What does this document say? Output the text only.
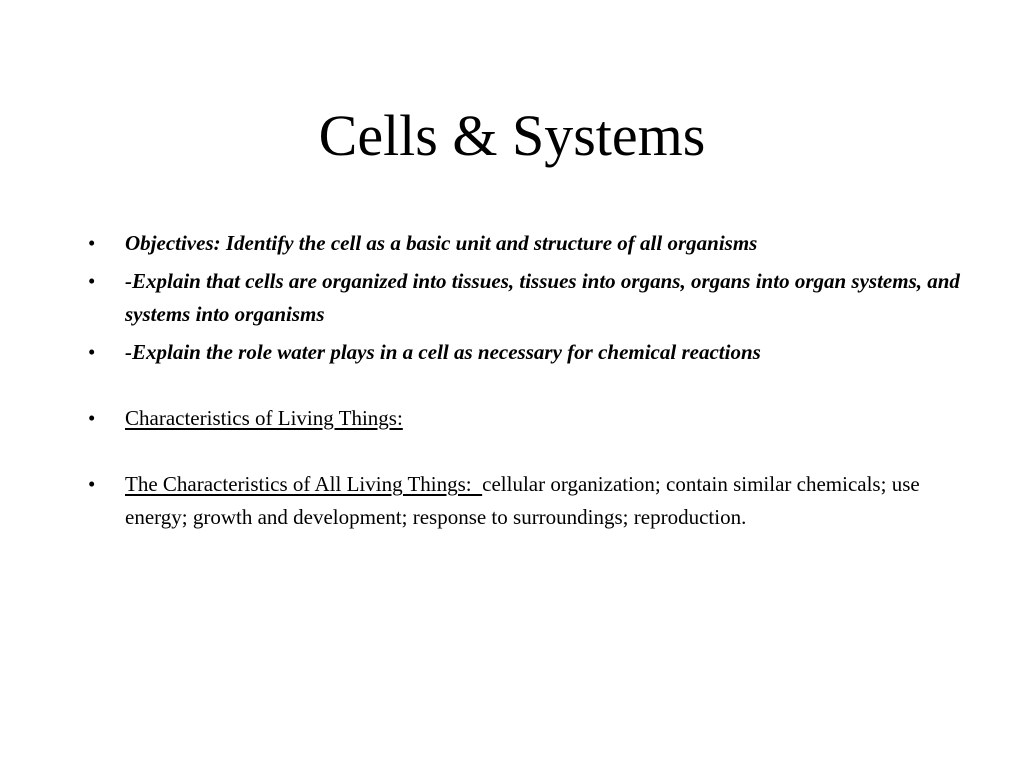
Cells & Systems
• Objectives: Identify the cell as a basic unit and structure of all organisms
• -Explain that cells are organized into tissues, tissues into organs, organs into organ systems, and systems into organisms
• -Explain the role water plays in a cell as necessary for chemical reactions
• Characteristics of Living Things:
• The Characteristics of All Living Things:  cellular organization; contain similar chemicals; use energy; growth and development; response to surroundings; reproduction.
